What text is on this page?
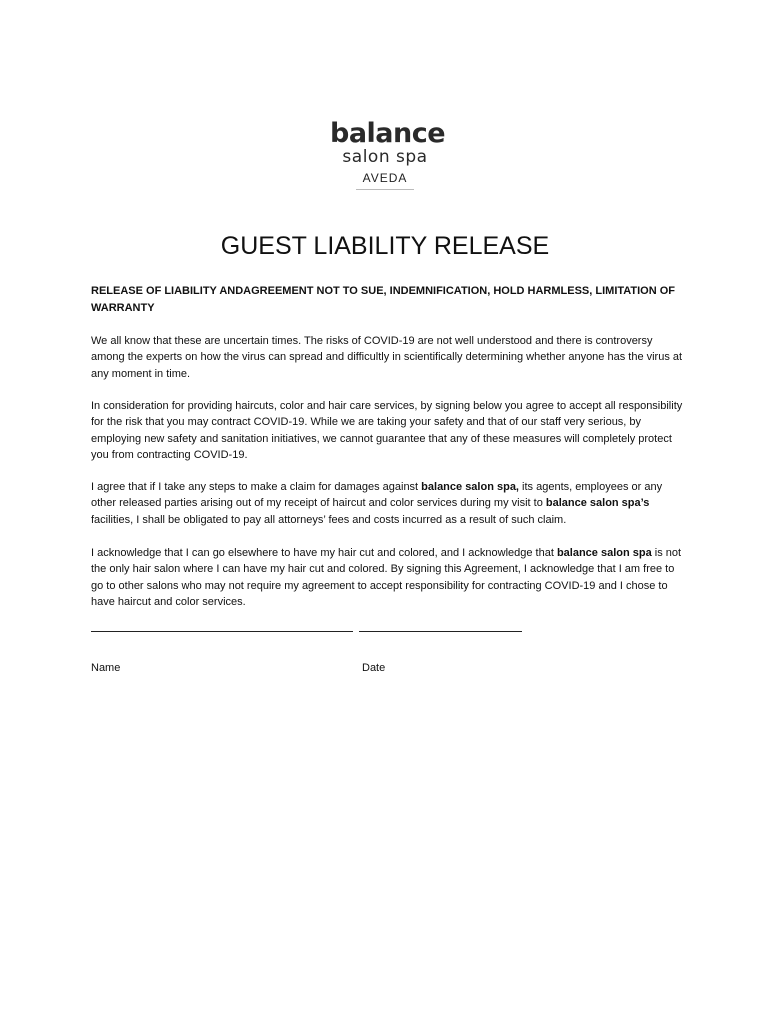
balance
salon spa
AVEDA
GUEST LIABILITY RELEASE
RELEASE OF LIABILITY ANDAGREEMENT NOT TO SUE, INDEMNIFICATION, HOLD HARMLESS, LIMITATION OF WARRANTY
We all know that these are uncertain times. The risks of COVID-19 are not well understood and there is controversy among the experts on how the virus can spread and difficultly in scientifically determining whether anyone has the virus at any moment in time.
In consideration for providing haircuts, color and hair care services, by signing below you agree to accept all responsibility for the risk that you may contract COVID-19. While we are taking your safety and that of our staff very serious, by employing new safety and sanitation initiatives, we cannot guarantee that any of these measures will completely protect you from contracting COVID-19.
I agree that if I take any steps to make a claim for damages against balance salon spa, its agents, employees or any other released parties arising out of my receipt of haircut and color services during my visit to balance salon spa’s facilities, I shall be obligated to pay all attorneys’ fees and costs incurred as a result of such claim.
I acknowledge that I can go elsewhere to have my hair cut and colored, and I acknowledge that balance salon spa is not the only hair salon where I can have my hair cut and colored. By signing this Agreement, I acknowledge that I am free to go to other salons who may not require my agreement to accept responsibility for contracting COVID-19 and I chose to have haircut and color services.
Name	Date
